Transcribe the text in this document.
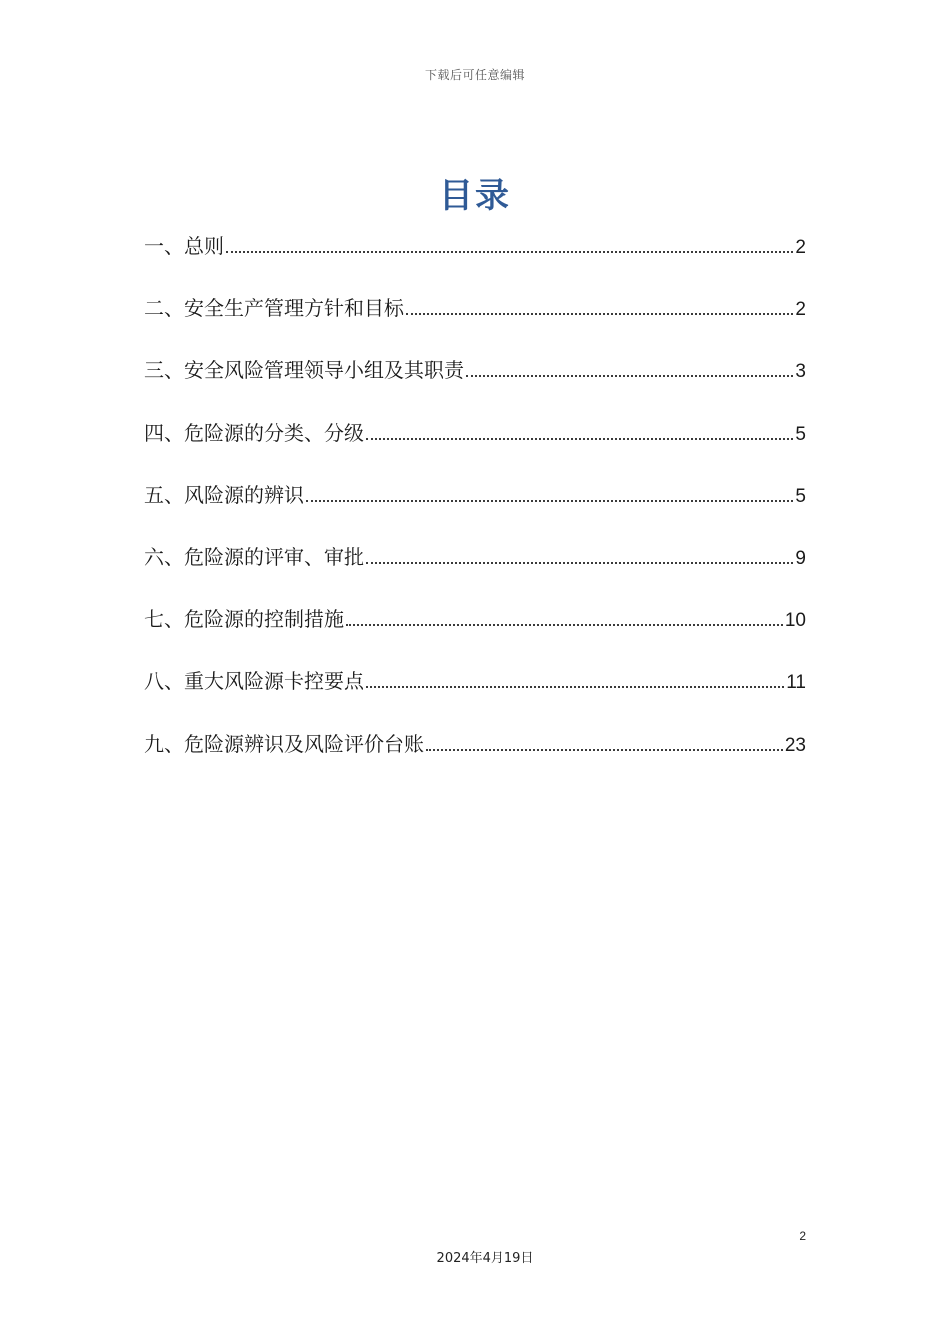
下载后可任意编辑
目录
一、总则	2
二、安全生产管理方针和目标	2
三、安全风险管理领导小组及其职责	3
四、危险源的分类、分级	5
五、风险源的辨识	5
六、危险源的评审、审批	9
七、危险源的控制措施	10
八、重大风险源卡控要点	11
九、危险源辨识及风险评价台账	23
2
2024年4月19日
